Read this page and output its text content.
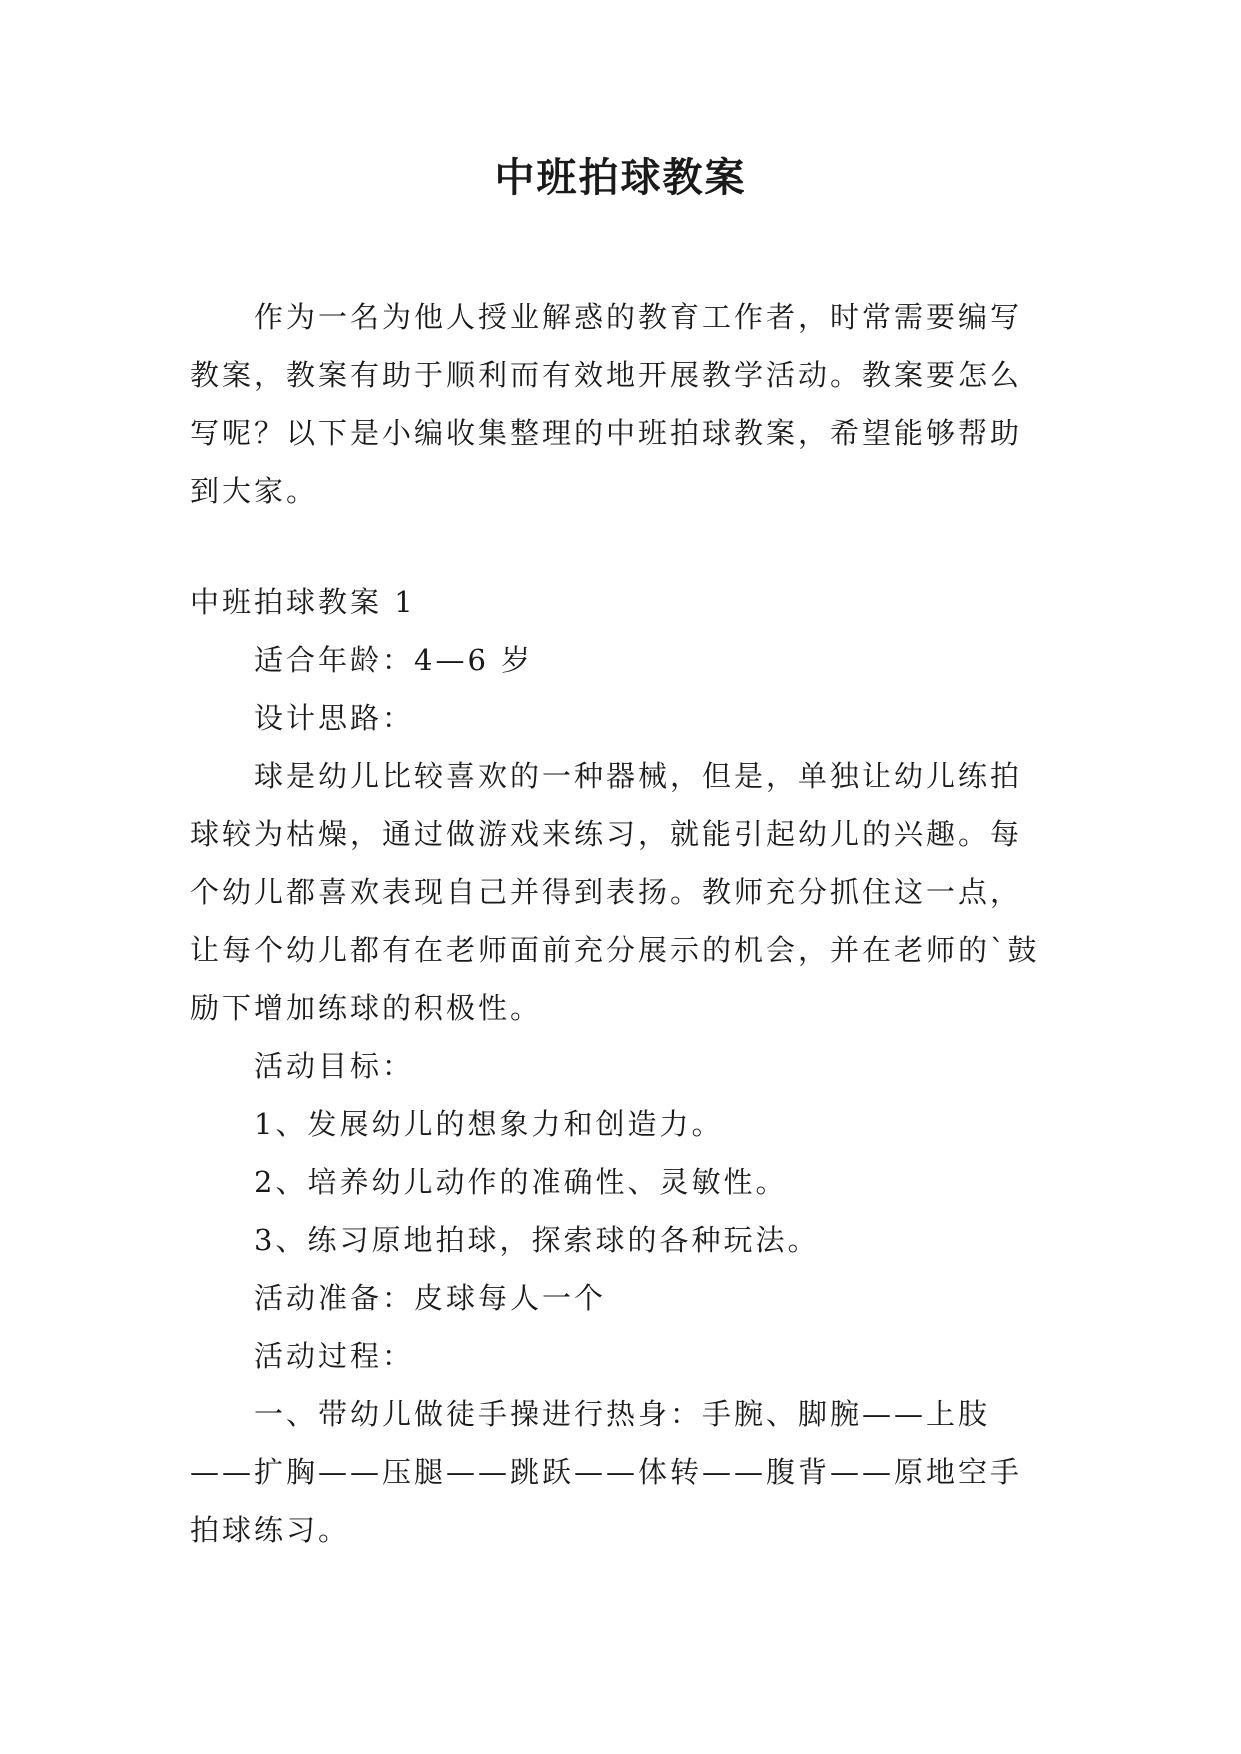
中班拍球教案

作为一名为他人授业解惑的教育工作者，时常需要编写教案，教案有助于顺利而有效地开展教学活动。教案要怎么写呢？以下是小编收集整理的中班拍球教案，希望能够帮助到大家。

中班拍球教案 1

适合年龄：4—6 岁

设计思路：

球是幼儿比较喜欢的一种器械，但是，单独让幼儿练拍球较为枯燥，通过做游戏来练习，就能引起幼儿的兴趣。每个幼儿都喜欢表现自己并得到表扬。教师充分抓住这一点，让每个幼儿都有在老师面前充分展示的机会，并在老师的`鼓励下增加练球的积极性。

活动目标：

1、发展幼儿的想象力和创造力。

2、培养幼儿动作的准确性、灵敏性。

3、练习原地拍球，探索球的各种玩法。

活动准备：皮球每人一个

活动过程：

一、带幼儿做徒手操进行热身：手腕、脚腕——上肢——扩胸——压腿——跳跃——体转——腹背——原地空手拍球练习。
